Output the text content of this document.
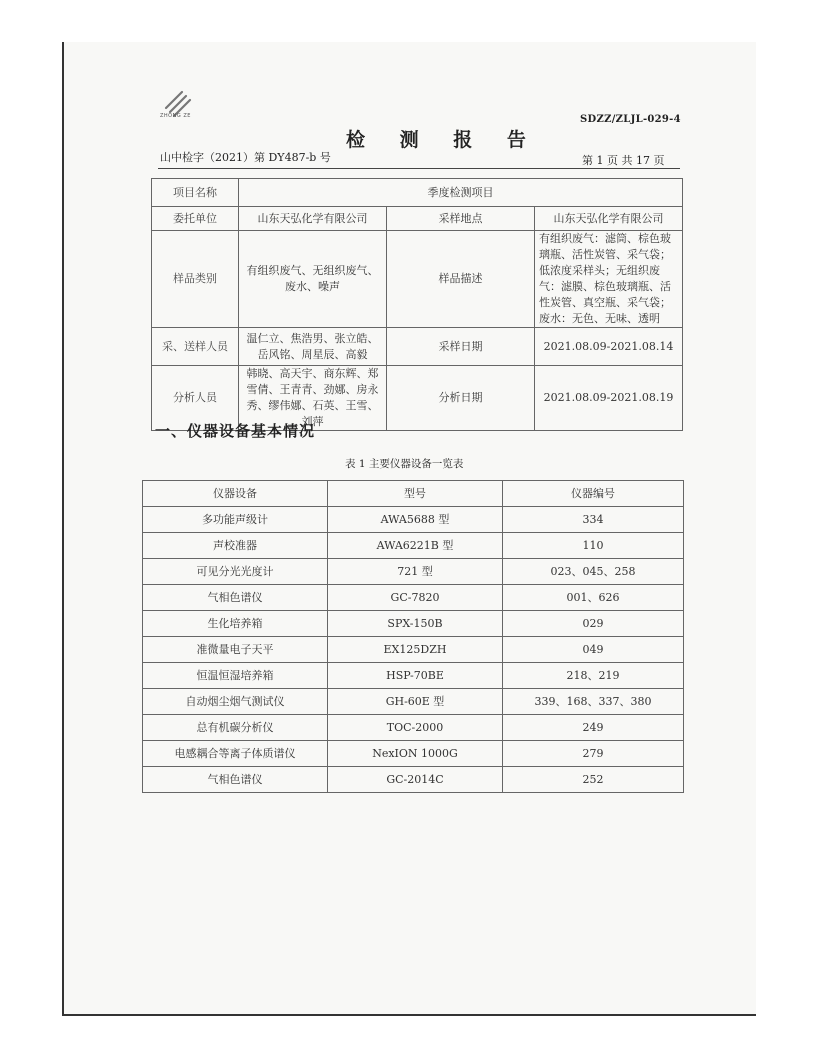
ZHONG ZE	SDZZ/ZLJL-029-4
检 测 报 告
山中检字（2021）第 DY487-b 号	第 1 页 共 17 页
项目名称	季度检测项目		
委托单位	山东天弘化学有限公司	采样地点	山东天弘化学有限公司
样品类别	有组织废气、无组织废气、废水、噪声	样品描述	有组织废气：滤筒、棕色玻璃瓶、活性炭管、采气袋；低浓度采样头；无组织废气：滤膜、棕色玻璃瓶、活性炭管、真空瓶、采气袋；废水：无色、无味、透明
采、送样人员	温仁立、焦浩男、张立皓、岳风铭、周星辰、高毅	采样日期	2021.08.09-2021.08.14
分析人员	韩晓、高天宇、商东辉、郑雪倩、王青青、劲娜、房永秀、缪伟娜、石英、王雪、刘萍	分析日期	2021.08.09-2021.08.19
一、仪器设备基本情况
表 1 主要仪器设备一览表
仪器设备	型号	仪器编号
多功能声级计	AWA5688 型	334
声校准器	AWA6221B 型	110
可见分光光度计	721 型	023、045、258
气相色谱仪	GC-7820	001、626
生化培养箱	SPX-150B	029
准微量电子天平	EX125DZH	049
恒温恒湿培养箱	HSP-70BE	218、219
自动烟尘烟气测试仪	GH-60E 型	339、168、337、380
总有机碳分析仪	TOC-2000	249
电感耦合等离子体质谱仪	NexION 1000G	279
气相色谱仪	GC-2014C	252
